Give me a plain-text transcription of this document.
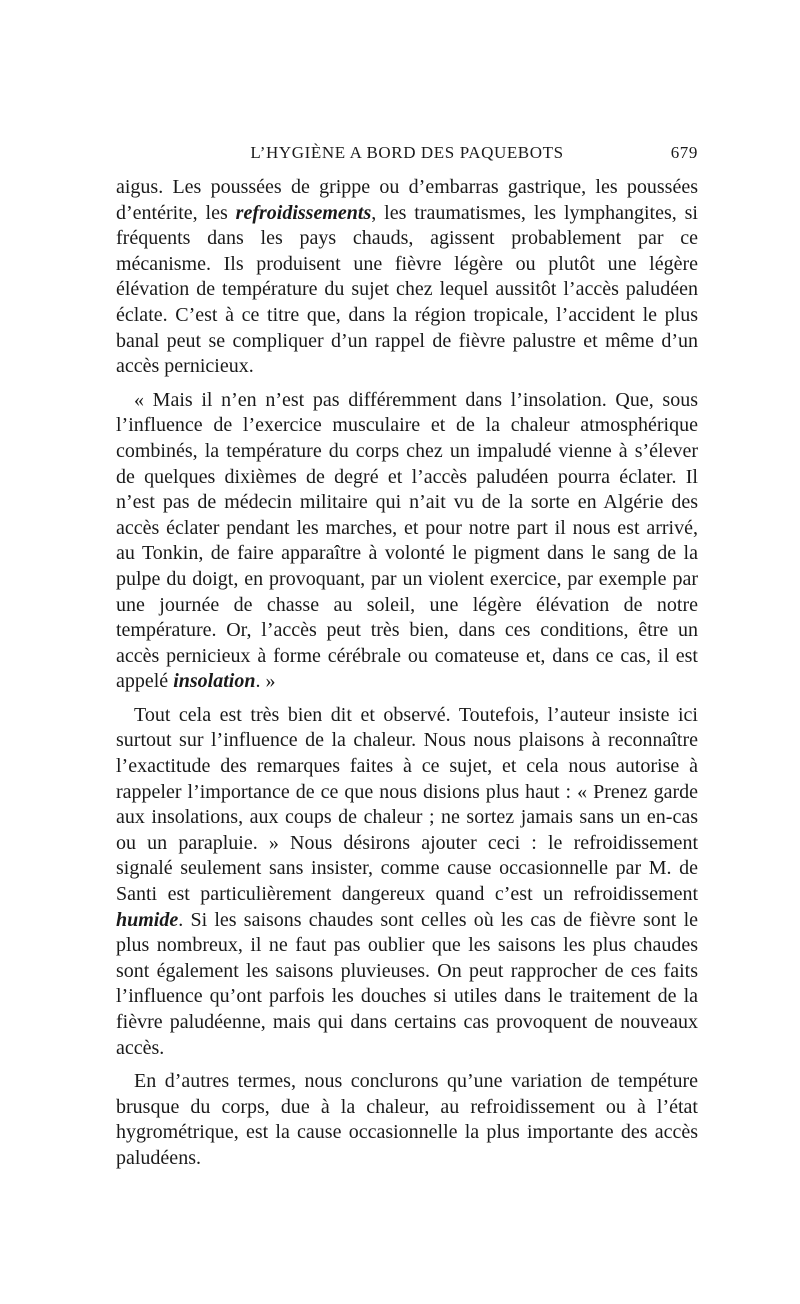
L’HYGIÈNE A BORD DES PAQUEBOTS	679

aigus. Les poussées de grippe ou d’embarras gastrique, les poussées d’entérite, les refroidissements, les traumatismes, les lymphangites, si fréquents dans les pays chauds, agissent probablement par ce mécanisme. Ils produisent une fièvre légère ou plutôt une légère élévation de température du sujet chez lequel aussitôt l’accès paludéen éclate. C’est à ce titre que, dans la région tropicale, l’accident le plus banal peut se compliquer d’un rappel de fièvre palustre et même d’un accès pernicieux.

« Mais il n’en n’est pas différemment dans l’insolation. Que, sous l’influence de l’exercice musculaire et de la chaleur atmosphérique combinés, la température du corps chez un impaludé vienne à s’élever de quelques dixièmes de degré et l’accès paludéen pourra éclater. Il n’est pas de médecin militaire qui n’ait vu de la sorte en Algérie des accès éclater pendant les marches, et pour notre part il nous est arrivé, au Tonkin, de faire apparaître à volonté le pigment dans le sang de la pulpe du doigt, en provoquant, par un violent exercice, par exemple par une journée de chasse au soleil, une légère élévation de notre température. Or, l’accès peut très bien, dans ces conditions, être un accès pernicieux à forme cérébrale ou comateuse et, dans ce cas, il est appelé insolation. »

Tout cela est très bien dit et observé. Toutefois, l’auteur insiste ici surtout sur l’influence de la chaleur. Nous nous plaisons à reconnaître l’exactitude des remarques faites à ce sujet, et cela nous autorise à rappeler l’importance de ce que nous disions plus haut : « Prenez garde aux insolations, aux coups de chaleur ; ne sortez jamais sans un en-cas ou un parapluie. » Nous désirons ajouter ceci : le refroidissement signalé seulement sans insister, comme cause occasionnelle par M. de Santi est particulièrement dangereux quand c’est un refroidissement humide. Si les saisons chaudes sont celles où les cas de fièvre sont le plus nombreux, il ne faut pas oublier que les saisons les plus chaudes sont également les saisons pluvieuses. On peut rapprocher de ces faits l’influence qu’ont parfois les douches si utiles dans le traitement de la fièvre paludéenne, mais qui dans certains cas provoquent de nouveaux accès.

En d’autres termes, nous conclurons qu’une variation de tempéture brusque du corps, due à la chaleur, au refroidissement ou à l’état hygrométrique, est la cause occasionnelle la plus importante des accès paludéens.
